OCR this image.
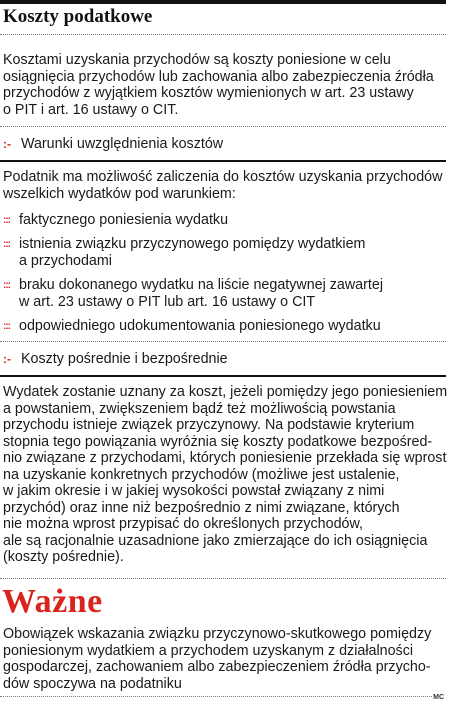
Koszty podatkowe
Kosztami uzyskania przychodów są koszty poniesione w celu
osiągnięcia przychodów lub zachowania albo zabezpieczenia źródła
przychodów z wyjątkiem kosztów wymienionych w art. 23 ustawy
o PIT i art. 16 ustawy o CIT.
:- Warunki uwzględnienia kosztów
Podatnik ma możliwość zaliczenia do kosztów uzyskania przychodów
wszelkich wydatków pod warunkiem:
::: faktycznego poniesienia wydatku
::: istnienia związku przyczynowego pomiędzy wydatkiem
a przychodami
::: braku dokonanego wydatku na liście negatywnej zawartej
w art. 23 ustawy o PIT lub art. 16 ustawy o CIT
::: odpowiedniego udokumentowania poniesionego wydatku
:- Koszty pośrednie i bezpośrednie
Wydatek zostanie uznany za koszt, jeżeli pomiędzy jego poniesieniem
a powstaniem, zwiększeniem bądź też możliwością powstania
przychodu istnieje związek przyczynowy. Na podstawie kryterium
stopnia tego powiązania wyróżnia się koszty podatkowe bezpośred-
nio związane z przychodami, których poniesienie przekłada się wprost
na uzyskanie konkretnych przychodów (możliwe jest ustalenie,
w jakim okresie i w jakiej wysokości powstał związany z nimi
przychód) oraz inne niż bezpośrednio z nimi związane, których
nie można wprost przypisać do określonych przychodów,
ale są racjonalnie uzasadnione jako zmierzające do ich osiągnięcia
(koszty pośrednie).
Ważne
Obowiązek wskazania związku przyczynowo-skutkowego pomiędzy
poniesionym wydatkiem a przychodem uzyskanym z działalności
gospodarczej, zachowaniem albo zabezpieczeniem źródła przycho-
dów spoczywa na podatniku
MC
